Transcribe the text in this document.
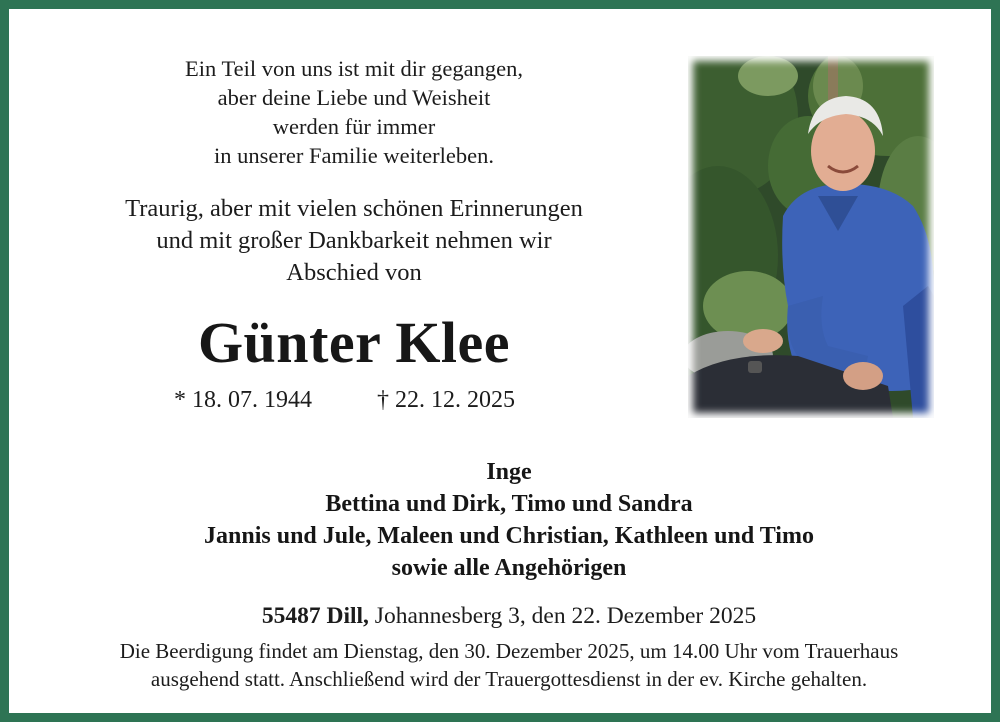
Ein Teil von uns ist mit dir gegangen,
aber deine Liebe und Weisheit
werden für immer
in unserer Familie weiterleben.
Traurig, aber mit vielen schönen Erinnerungen
und mit großer Dankbarkeit nehmen wir
Abschied von
Günter Klee
* 18. 07. 1944	† 22. 12. 2025
Inge
Bettina und Dirk, Timo und Sandra
Jannis und Jule, Maleen und Christian, Kathleen und Timo
sowie alle Angehörigen
55487 Dill, Johannesberg 3, den 22. Dezember 2025
Die Beerdigung findet am Dienstag, den 30. Dezember 2025, um 14.00 Uhr vom Trauerhaus
ausgehend statt. Anschließend wird der Trauergottesdienst in der ev. Kirche gehalten.
